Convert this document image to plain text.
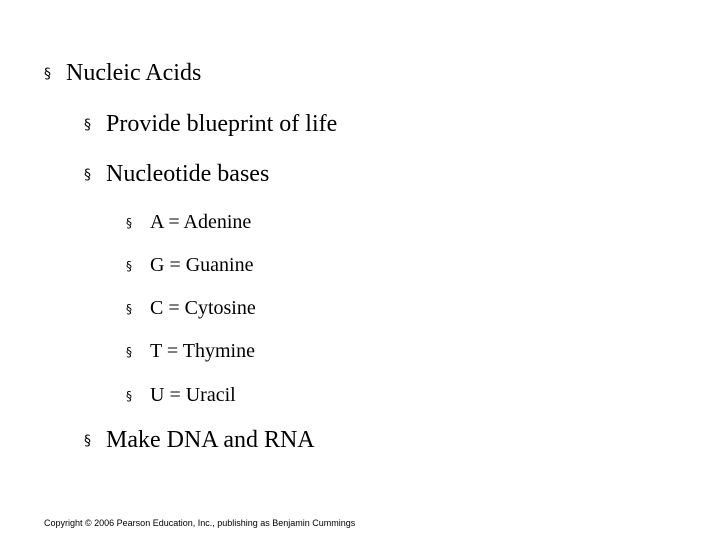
§ Nucleic Acids
§ Provide blueprint of life
§ Nucleotide bases
§ A = Adenine
§ G = Guanine
§ C = Cytosine
§ T = Thymine
§ U = Uracil
§ Make DNA and RNA
Copyright © 2006 Pearson Education, Inc., publishing as Benjamin Cummings
